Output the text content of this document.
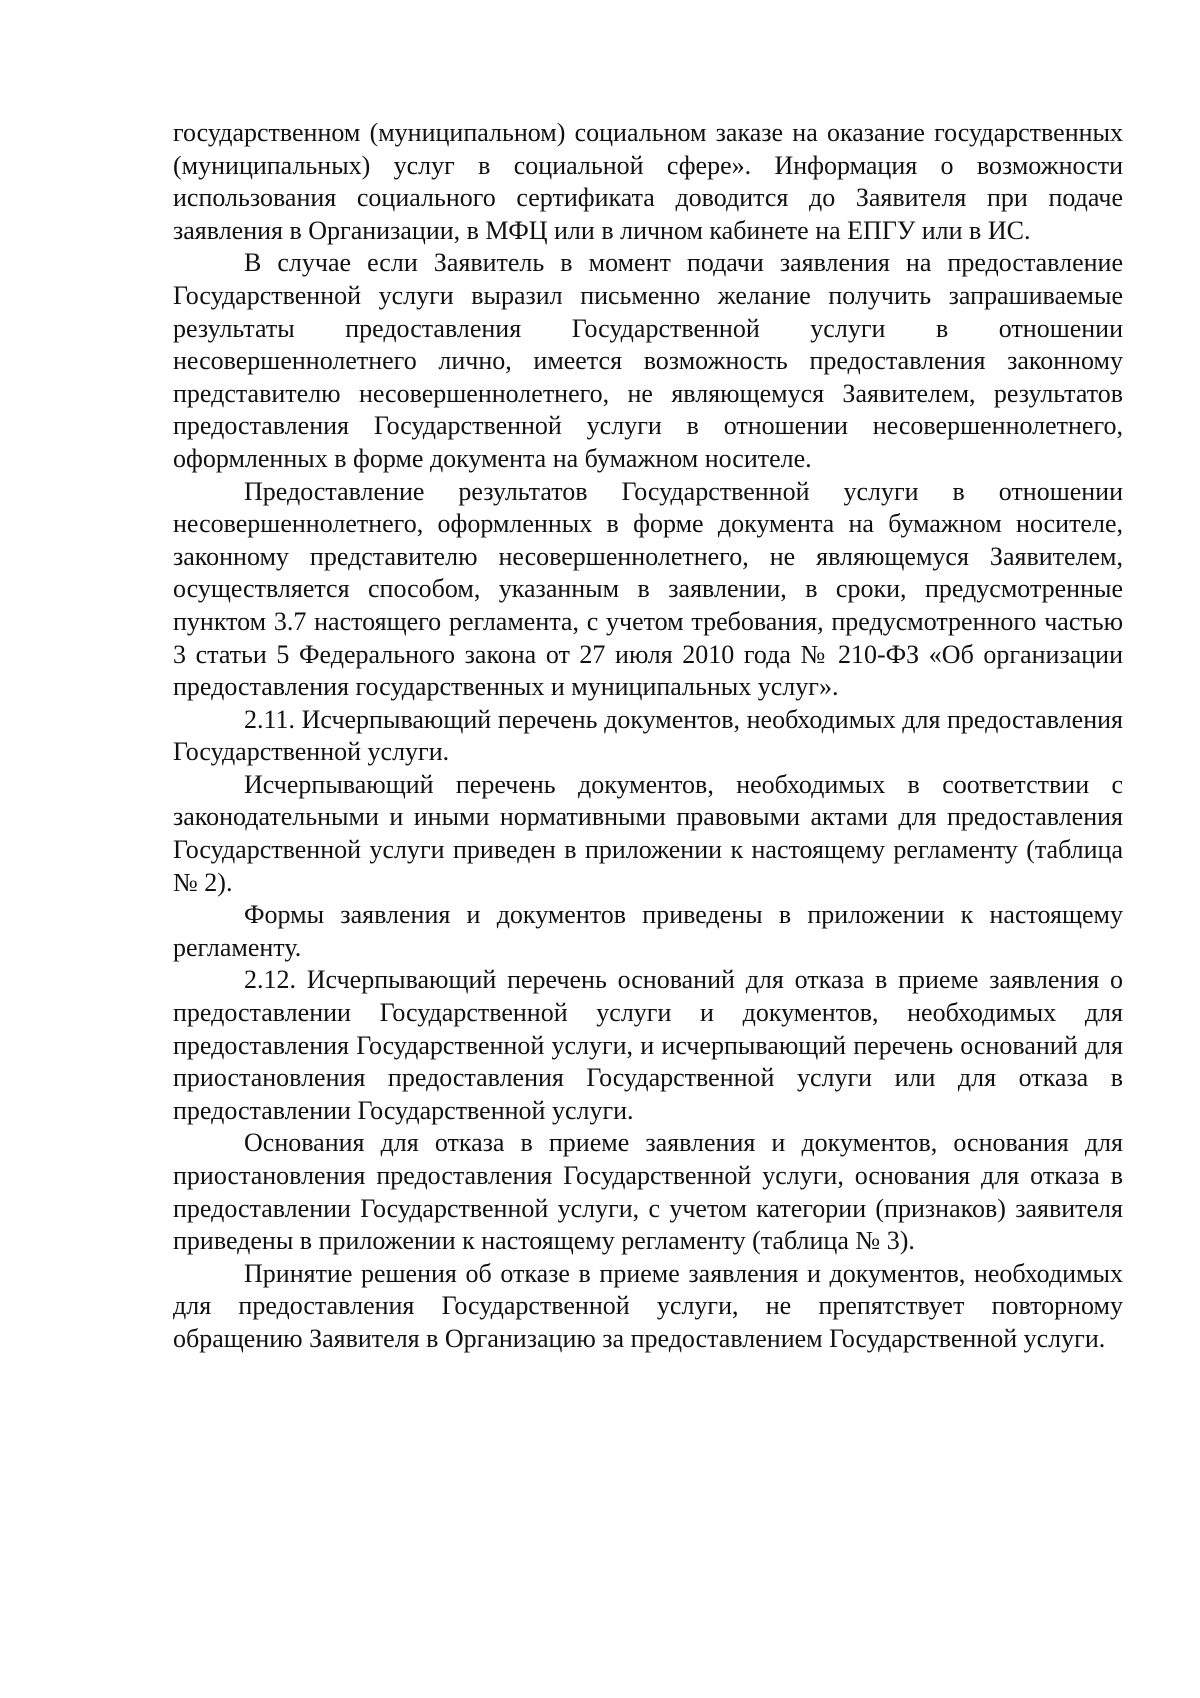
государственном (муниципальном) социальном заказе на оказание государственных (муниципальных) услуг в социальной сфере». Информация о возможности использования социального сертификата доводится до Заявителя при подаче заявления в Организации, в МФЦ или в личном кабинете на ЕПГУ или в ИС.

В случае если Заявитель в момент подачи заявления на предоставление Государственной услуги выразил письменно желание получить запрашиваемые результаты предоставления Государственной услуги в отношении несовершеннолетнего лично, имеется возможность предоставления законному представителю несовершеннолетнего, не являющемуся Заявителем, результатов предоставления Государственной услуги в отношении несовершеннолетнего, оформленных в форме документа на бумажном носителе.

Предоставление результатов Государственной услуги в отношении несовершеннолетнего, оформленных в форме документа на бумажном носителе, законному представителю несовершеннолетнего, не являющемуся Заявителем, осуществляется способом, указанным в заявлении, в сроки, предусмотренные пунктом 3.7 настоящего регламента, с учетом требования, предусмотренного частью 3 статьи 5 Федерального закона от 27 июля 2010 года № 210-ФЗ «Об организации предоставления государственных и муниципальных услуг».

2.11. Исчерпывающий перечень документов, необходимых для предоставления Государственной услуги.

Исчерпывающий перечень документов, необходимых в соответствии с законодательными и иными нормативными правовыми актами для предоставления Государственной услуги приведен в приложении к настоящему регламенту (таблица № 2).

Формы заявления и документов приведены в приложении к настоящему регламенту.

2.12. Исчерпывающий перечень оснований для отказа в приеме заявления о предоставлении Государственной услуги и документов, необходимых для предоставления Государственной услуги, и исчерпывающий перечень оснований для приостановления предоставления Государственной услуги или для отказа в предоставлении Государственной услуги.

Основания для отказа в приеме заявления и документов, основания для приостановления предоставления Государственной услуги, основания для отказа в предоставлении Государственной услуги, с учетом категории (признаков) заявителя приведены в приложении к настоящему регламенту (таблица № 3).

Принятие решения об отказе в приеме заявления и документов, необходимых для предоставления Государственной услуги, не препятствует повторному обращению Заявителя в Организацию за предоставлением Государственной услуги.
